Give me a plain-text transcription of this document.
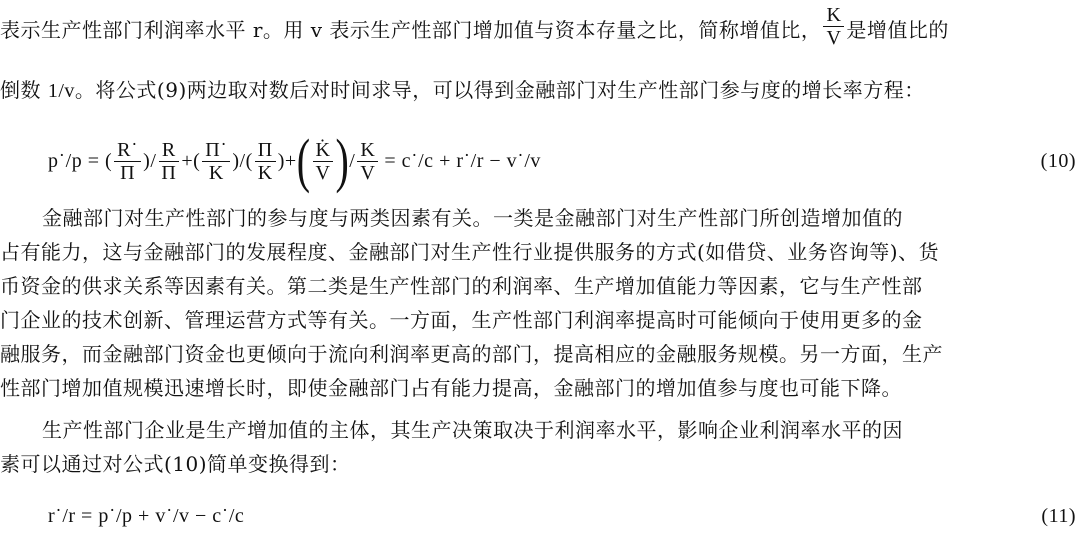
表示生产性部门利润率水平 r。用 v 表示生产性部门增加值与资本存量之比，简称增值比， $\frac{K}{V}$ 是增值比的
倒数 1/v。将公式(9)两边取对数后对时间求导，可以得到金融部门对生产性部门参与度的增长率方程：
p˙/p = ( $\frac{R˙}{\Pi}$ )/ $\frac{R}{\Pi}$ +( $\frac{\Pi˙}{K}$ )/( $\frac{\Pi}{K}$ )+ ( $\frac{K̇}{V}$ ) / $\frac{K}{V}$ = c˙/c + r˙/r − v˙/v	(10)
金融部门对生产性部门的参与度与两类因素有关。一类是金融部门对生产性部门所创造增加值的
占有能力，这与金融部门的发展程度、金融部门对生产性行业提供服务的方式(如借贷、业务咨询等)、货
币资金的供求关系等因素有关。第二类是生产性部门的利润率、生产增加值能力等因素，它与生产性部
门企业的技术创新、管理运营方式等有关。一方面，生产性部门利润率提高时可能倾向于使用更多的金
融服务，而金融部门资金也更倾向于流向利润率更高的部门，提高相应的金融服务规模。另一方面，生产
性部门增加值规模迅速增长时，即使金融部门占有能力提高，金融部门的增加值参与度也可能下降。
生产性部门企业是生产增加值的主体，其生产决策取决于利润率水平，影响企业利润率水平的因
素可以通过对公式(10)简单变换得到：
r˙/r = p˙/p + v˙/v − c˙/c	(11)
